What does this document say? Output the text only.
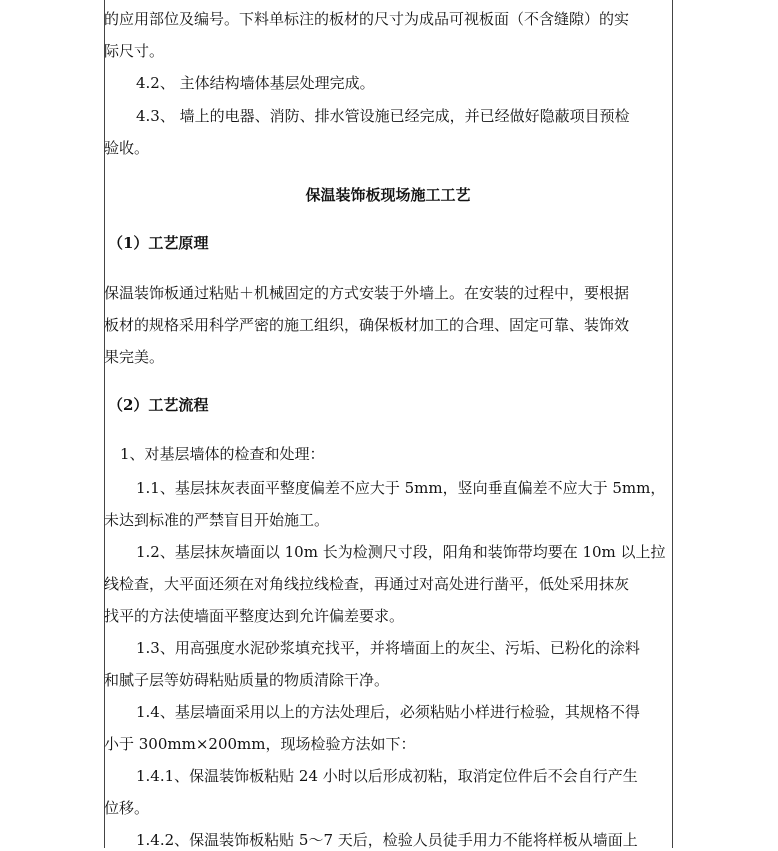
的应用部位及编号。下料单标注的板材的尺寸为成品可视板面（不含缝隙）的实
际尺寸。
4.2、 主体结构墙体基层处理完成。
4.3、 墙上的电器、消防、排水管设施已经完成，并已经做好隐蔽项目预检
验收。
保温装饰板现场施工工艺
（1）工艺原理
保温装饰板通过粘贴＋机械固定的方式安装于外墙上。在安装的过程中，要根据
板材的规格采用科学严密的施工组织，确保板材加工的合理、固定可靠、装饰效
果完美。
（2）工艺流程
1、对基层墙体的检查和处理：
1.1、基层抹灰表面平整度偏差不应大于 5mm，竖向垂直偏差不应大于 5mm，
未达到标准的严禁盲目开始施工。
1.2、基层抹灰墙面以 10m 长为检测尺寸段，阳角和装饰带均要在 10m 以上拉
线检查，大平面还须在对角线拉线检查，再通过对高处进行凿平，低处采用抹灰
找平的方法使墙面平整度达到允许偏差要求。
1.3、用高强度水泥砂浆填充找平，并将墙面上的灰尘、污垢、已粉化的涂料
和腻子层等妨碍粘贴质量的物质清除干净。
1.4、基层墙面采用以上的方法处理后，必须粘贴小样进行检验，其规格不得
小于 300mm×200mm，现场检验方法如下：
1.4.1、保温装饰板粘贴 24 小时以后形成初粘，取消定位件后不会自行产生
位移。
1.4.2、保温装饰板粘贴 5～7 天后，检验人员徒手用力不能将样板从墙面上
